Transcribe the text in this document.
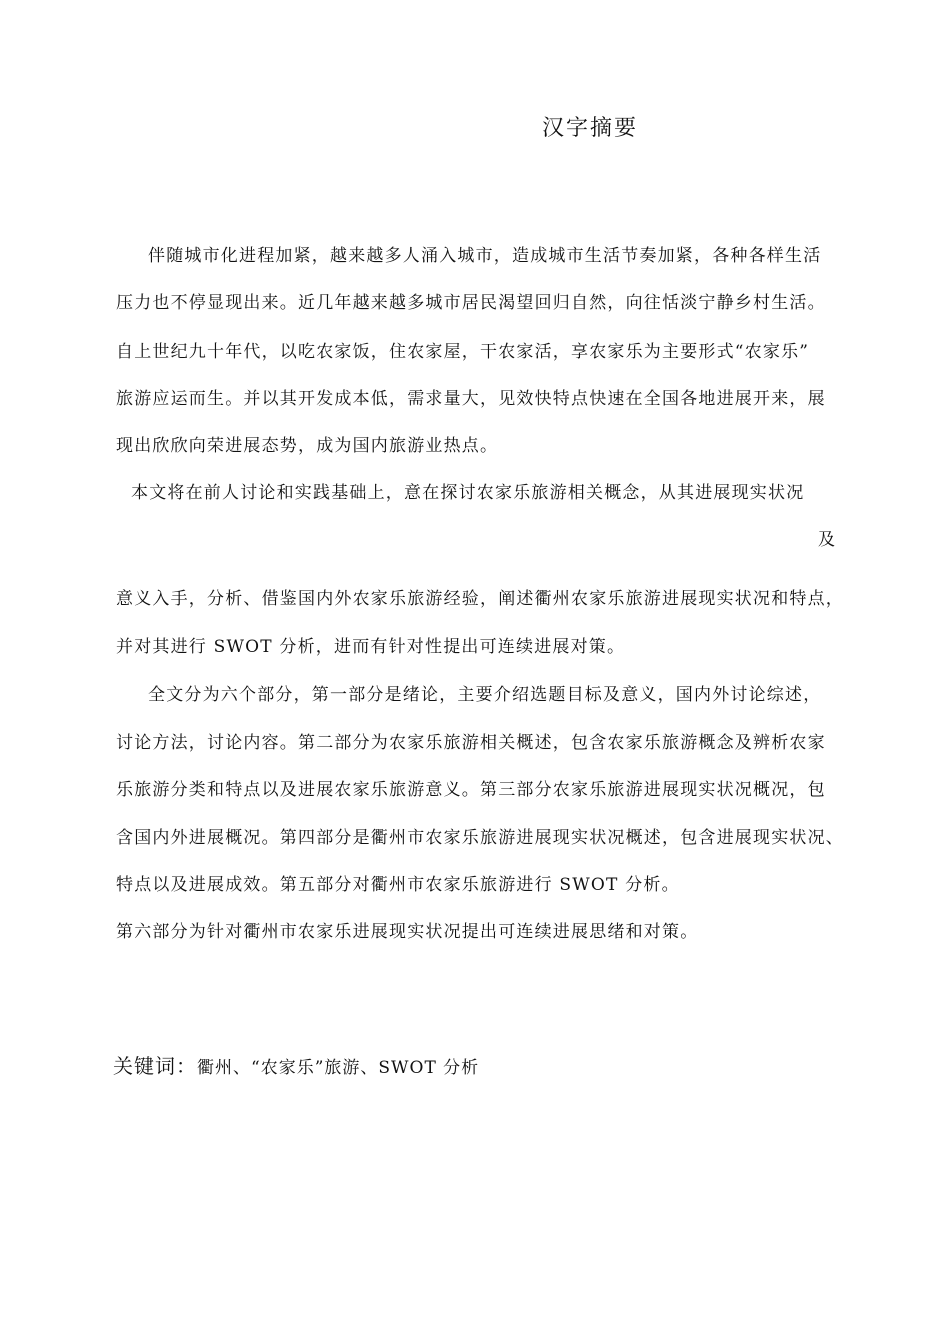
汉字摘要
伴随城市化进程加紧，越来越多人涌入城市，造成城市生活节奏加紧，各种各样生活
压力也不停显现出来。近几年越来越多城市居民渴望回归自然，向往恬淡宁静乡村生活。
自上世纪九十年代，以吃农家饭，住农家屋，干农家活，享农家乐为主要形式“农家乐”
旅游应运而生。并以其开发成本低，需求量大，见效快特点快速在全国各地进展开来，展
现出欣欣向荣进展态势，成为国内旅游业热点。
本文将在前人讨论和实践基础上，意在探讨农家乐旅游相关概念，从其进展现实状况
及
意义入手，分析、借鉴国内外农家乐旅游经验，阐述衢州农家乐旅游进展现实状况和特点，
并对其进行 SWOT 分析，进而有针对性提出可连续进展对策。
全文分为六个部分，第一部分是绪论，主要介绍选题目标及意义，国内外讨论综述，
讨论方法，讨论内容。第二部分为农家乐旅游相关概述，包含农家乐旅游概念及辨析农家
乐旅游分类和特点以及进展农家乐旅游意义。第三部分农家乐旅游进展现实状况概况，包
含国内外进展概况。第四部分是衢州市农家乐旅游进展现实状况概述，包含进展现实状况、
特点以及进展成效。第五部分对衢州市农家乐旅游进行 SWOT 分析。
第六部分为针对衢州市农家乐进展现实状况提出可连续进展思绪和对策。
关键词：衢州、“农家乐”旅游、SWOT 分析
